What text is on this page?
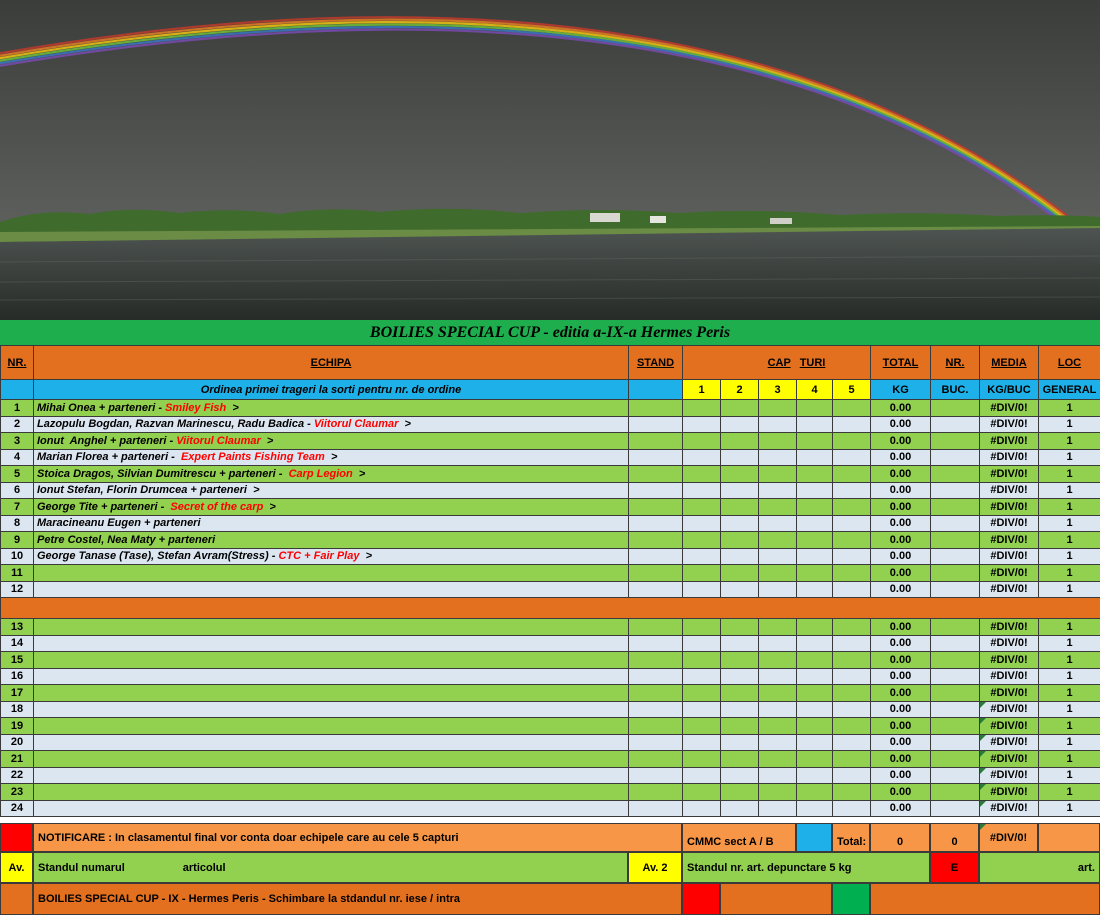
BOILIES SPECIAL CUP - editia a-IX-a Hermes Peris
NR.	ECHIPA	STAND	CAP TURI					TOTAL	NR.	MEDIA	LOC
	Ordinea primei trageri la sorti pentru nr. de ordine		1	2	3	4	5	KG	BUC.	KG/BUC	GENERAL
1	Mihai Onea + parteneri - Smiley Fish  >							0.00		#DIV/0!	1
2	Lazopulu Bogdan, Razvan Marinescu, Radu Badica - Viitorul Claumar  >							0.00		#DIV/0!	1
3	Ionut  Anghel + parteneri - Viitorul Claumar  >							0.00		#DIV/0!	1
4	Marian Florea + parteneri -  Expert Paints Fishing Team  >							0.00		#DIV/0!	1
5	Stoica Dragos, Silvian Dumitrescu + parteneri -  Carp Legion  >							0.00		#DIV/0!	1
6	Ionut Stefan, Florin Drumcea + parteneri  >							0.00		#DIV/0!	1
7	George Tite + parteneri -  Secret of the carp  >							0.00		#DIV/0!	1
8	Maracineanu Eugen + parteneri							0.00		#DIV/0!	1
9	Petre Costel, Nea Maty + parteneri							0.00		#DIV/0!	1
10	George Tanase (Tase), Stefan Avram(Stress) - CTC + Fair Play  >							0.00		#DIV/0!	1
11								0.00		#DIV/0!	1
12								0.00		#DIV/0!	1

13								0.00		#DIV/0!	1
14								0.00		#DIV/0!	1
15								0.00		#DIV/0!	1
16								0.00		#DIV/0!	1
17								0.00		#DIV/0!	1
18								0.00		#DIV/0!	1
19								0.00		#DIV/0!	1
20								0.00		#DIV/0!	1
21								0.00		#DIV/0!	1
22								0.00		#DIV/0!	1
23								0.00		#DIV/0!	1
24								0.00		#DIV/0!	1
NOTIFICARE : In clasamentul final vor conta doar echipele care au cele 5 capturi	CMMC sect A / B	Total:	0	0	#DIV/0!
Av.	Standul numarul	articolul	Av. 2	Standul nr. art. depunctare 5 kg	E	art.
BOILIES SPECIAL CUP - IX - Hermes Peris - Schimbare la stdandul nr. iese / intra
